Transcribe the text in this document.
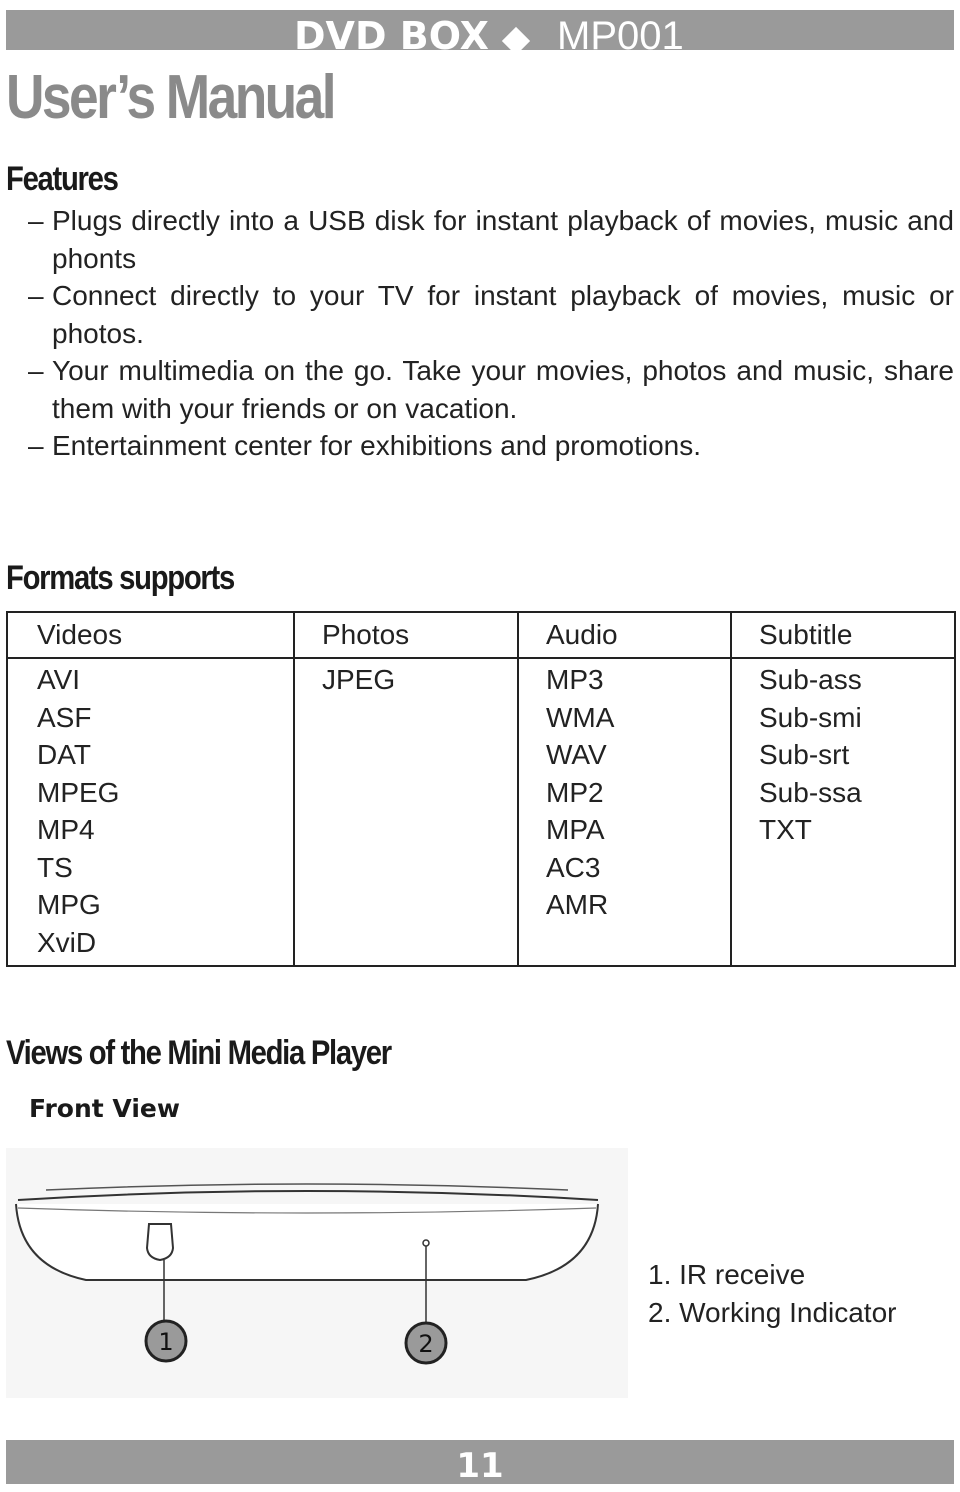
DVD BOX MP001
User’s Manual
Features
– Plugs directly into a USB disk for instant playback of movies, music and phonts
– Connect directly to your TV for instant playback of movies, music or photos.
– Your multimedia on the go. Take your movies, photos and music, share them with your friends or on vacation.
– Entertainment center for exhibitions and promotions.
Formats supports
Videos	Photos	Audio	Subtitle
AVI	JPEG	MP3	Sub-ass
ASF		WMA	Sub-smi
DAT		WAV	Sub-srt
MPEG		MP2	Sub-ssa
MP4		MPA	TXT
TS		AC3	
MPG		AMR	
XviD			
Views of the Mini Media Player
Front View
1	2
1. IR receive
2. Working Indicator
11
